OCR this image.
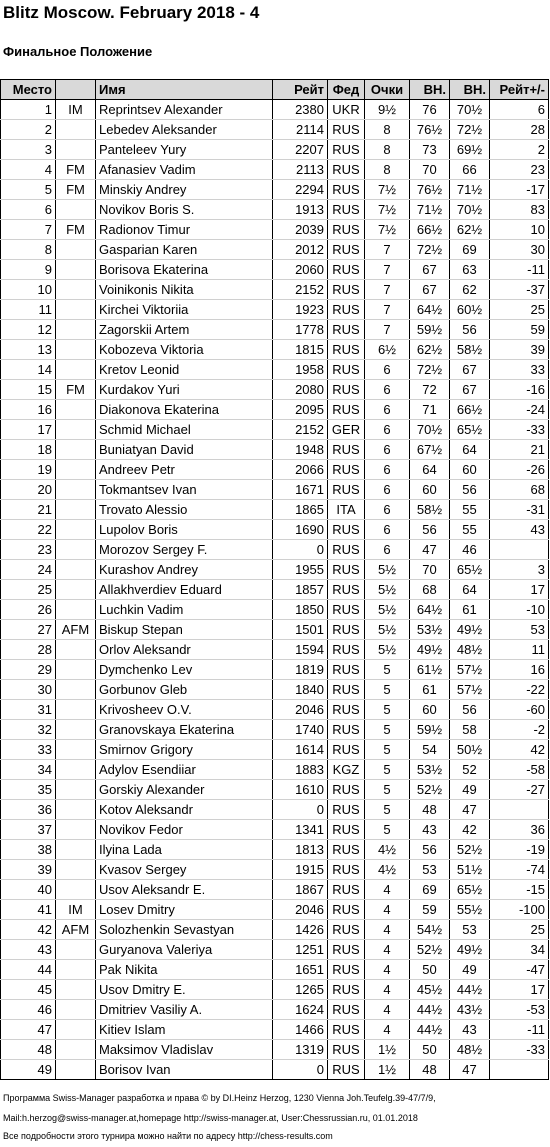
Blitz Moscow. February 2018 - 4
Финальное Положение
Место		Имя	Рейт	Фед	Очки	ВН.	ВН.	Рейт+/-
1	IM	Reprintsev Alexander	2380	UKR	9½	76	70½	6
2		Lebedev Aleksander	2114	RUS	8	76½	72½	28
3		Panteleev Yury	2207	RUS	8	73	69½	2
4	FM	Afanasiev Vadim	2113	RUS	8	70	66	23
5	FM	Minskiy Andrey	2294	RUS	7½	76½	71½	-17
6		Novikov Boris S.	1913	RUS	7½	71½	70½	83
7	FM	Radionov Timur	2039	RUS	7½	66½	62½	10
8		Gasparian Karen	2012	RUS	7	72½	69	30
9		Borisova Ekaterina	2060	RUS	7	67	63	-11
10		Voinikonis Nikita	2152	RUS	7	67	62	-37
11		Kirchei Viktoriia	1923	RUS	7	64½	60½	25
12		Zagorskii Artem	1778	RUS	7	59½	56	59
13		Kobozeva Viktoria	1815	RUS	6½	62½	58½	39
14		Kretov Leonid	1958	RUS	6	72½	67	33
15	FM	Kurdakov Yuri	2080	RUS	6	72	67	-16
16		Diakonova Ekaterina	2095	RUS	6	71	66½	-24
17		Schmid Michael	2152	GER	6	70½	65½	-33
18		Buniatyan David	1948	RUS	6	67½	64	21
19		Andreev Petr	2066	RUS	6	64	60	-26
20		Tokmantsev Ivan	1671	RUS	6	60	56	68
21		Trovato Alessio	1865	ITA	6	58½	55	-31
22		Lupolov Boris	1690	RUS	6	56	55	43
23		Morozov Sergey F.	0	RUS	6	47	46	
24		Kurashov Andrey	1955	RUS	5½	70	65½	3
25		Allakhverdiev Eduard	1857	RUS	5½	68	64	17
26		Luchkin Vadim	1850	RUS	5½	64½	61	-10
27	AFM	Biskup Stepan	1501	RUS	5½	53½	49½	53
28		Orlov Aleksandr	1594	RUS	5½	49½	48½	11
29		Dymchenko Lev	1819	RUS	5	61½	57½	16
30		Gorbunov Gleb	1840	RUS	5	61	57½	-22
31		Krivosheev O.V.	2046	RUS	5	60	56	-60
32		Granovskaya Ekaterina	1740	RUS	5	59½	58	-2
33		Smirnov Grigory	1614	RUS	5	54	50½	42
34		Adylov Esendiiar	1883	KGZ	5	53½	52	-58
35		Gorskiy Alexander	1610	RUS	5	52½	49	-27
36		Kotov Aleksandr	0	RUS	5	48	47	
37		Novikov Fedor	1341	RUS	5	43	42	36
38		Ilyina Lada	1813	RUS	4½	56	52½	-19
39		Kvasov Sergey	1915	RUS	4½	53	51½	-74
40		Usov Aleksandr E.	1867	RUS	4	69	65½	-15
41	IM	Losev Dmitry	2046	RUS	4	59	55½	-100
42	AFM	Solozhenkin Sevastyan	1426	RUS	4	54½	53	25
43		Guryanova Valeriya	1251	RUS	4	52½	49½	34
44		Pak Nikita	1651	RUS	4	50	49	-47
45		Usov Dmitry E.	1265	RUS	4	45½	44½	17
46		Dmitriev Vasiliy A.	1624	RUS	4	44½	43½	-53
47		Kitiev Islam	1466	RUS	4	44½	43	-11
48		Maksimov Vladislav	1319	RUS	1½	50	48½	-33
49		Borisov Ivan	0	RUS	1½	48	47	
Программа Swiss-Manager разработка и права © by DI.Heinz Herzog, 1230 Vienna Joh.Teufelg.39-47/7/9,
Mail:h.herzog@swiss-manager.at,homepage http://swiss-manager.at, User:Chessrussian.ru, 01.01.2018
Все подробности этого турнира можно найти по адресу http://chess-results.com
